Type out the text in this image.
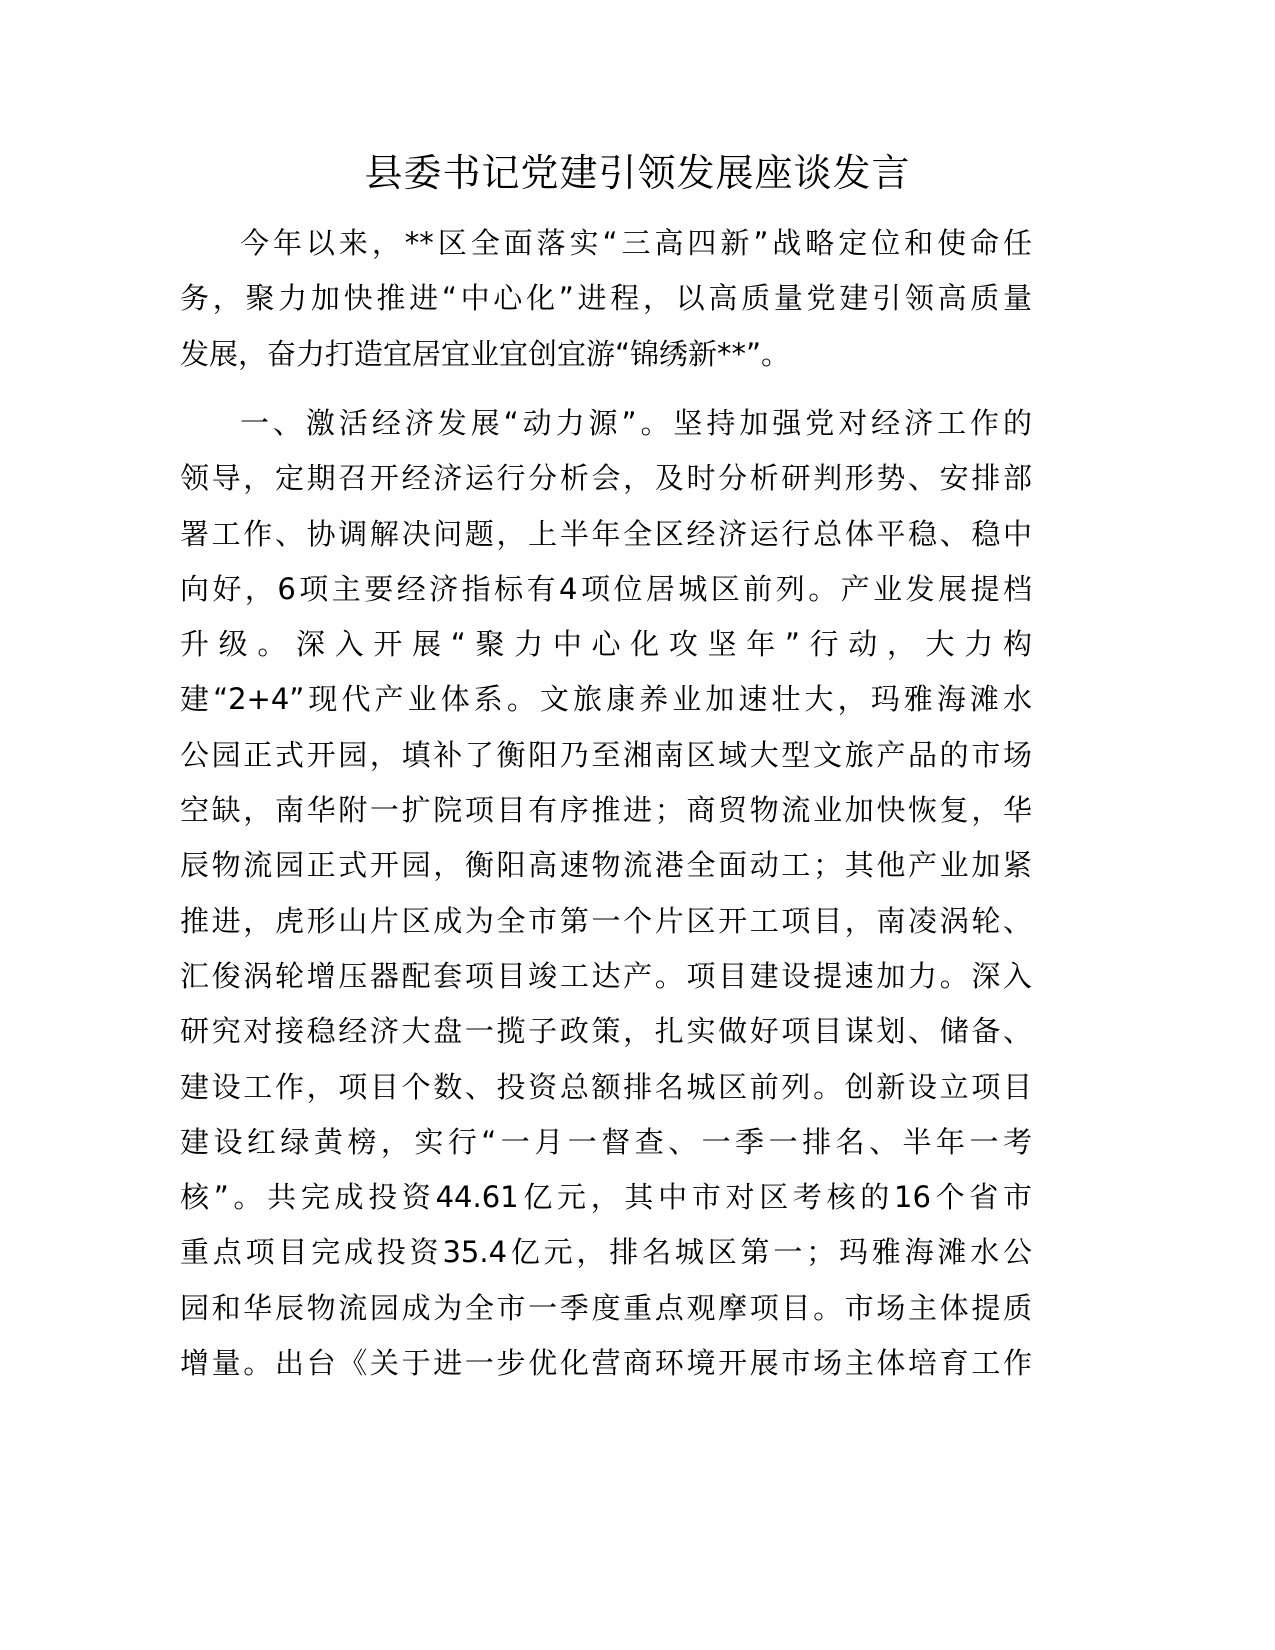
县委书记党建引领发展座谈发言
今年以来，**区全面落实“三高四新”战略定位和使命任
务，聚力加快推进“中心化”进程，以高质量党建引领高质量
发展，奋力打造宜居宜业宜创宜游“锦绣新**”。
一、激活经济发展“动力源”。坚持加强党对经济工作的
领导，定期召开经济运行分析会，及时分析研判形势、安排部
署工作、协调解决问题，上半年全区经济运行总体平稳、稳中
向好，6项主要经济指标有4项位居城区前列。产业发展提档
升级。深入开展“聚力中心化攻坚年”行动，大力构
建“2+4”现代产业体系。文旅康养业加速壮大，玛雅海滩水
公园正式开园，填补了衡阳乃至湘南区域大型文旅产品的市场
空缺，南华附一扩院项目有序推进；商贸物流业加快恢复，华
辰物流园正式开园，衡阳高速物流港全面动工；其他产业加紧
推进，虎形山片区成为全市第一个片区开工项目，南凌涡轮、
汇俊涡轮增压器配套项目竣工达产。项目建设提速加力。深入
研究对接稳经济大盘一揽子政策，扎实做好项目谋划、储备、
建设工作，项目个数、投资总额排名城区前列。创新设立项目
建设红绿黄榜，实行“一月一督查、一季一排名、半年一考
核”。共完成投资44.61亿元，其中市对区考核的16个省市
重点项目完成投资35.4亿元，排名城区第一；玛雅海滩水公
园和华辰物流园成为全市一季度重点观摩项目。市场主体提质
增量。出台《关于进一步优化营商环境开展市场主体培育工作
